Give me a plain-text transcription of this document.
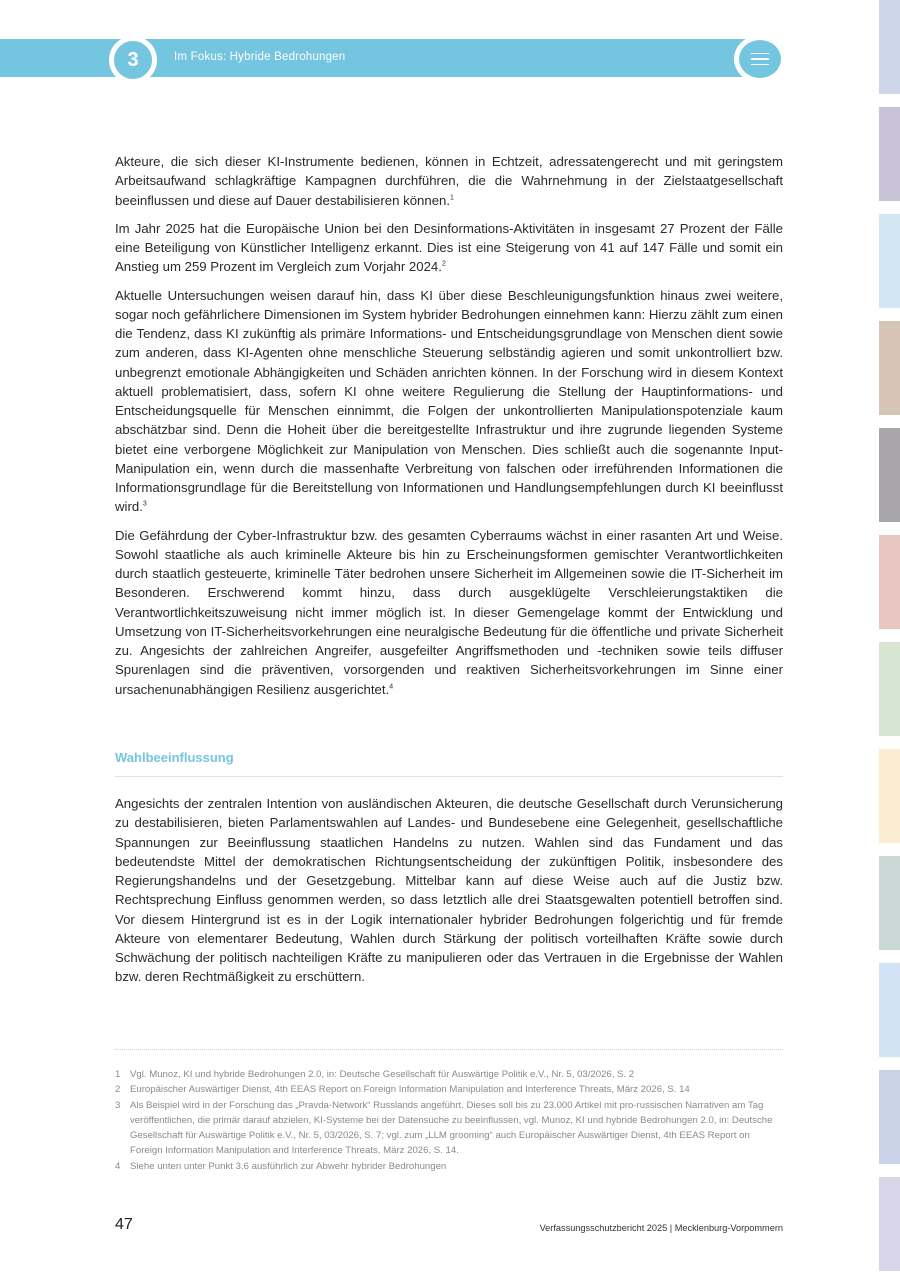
3	Im Fokus: Hybride Bedrohungen

Akteure, die sich dieser KI-Instrumente bedienen, können in Echtzeit, adressatengerecht und mit geringstem Arbeitsaufwand schlagkräftige Kampagnen durchführen, die die Wahrnehmung in der Zielstaatgesellschaft beeinflussen und diese auf Dauer destabilisieren können.$^1$

Im Jahr 2025 hat die Europäische Union bei den Desinformations-Aktivitäten in insgesamt 27 Prozent der Fälle eine Beteiligung von Künstlicher Intelligenz erkannt. Dies ist eine Steigerung von 41 auf 147 Fälle und somit ein Anstieg um 259 Prozent im Vergleich zum Vorjahr 2024.$^2$

Aktuelle Untersuchungen weisen darauf hin, dass KI über diese Beschleunigungsfunktion hinaus zwei weitere, sogar noch gefährlichere Dimensionen im System hybrider Bedrohungen einnehmen kann: Hierzu zählt zum einen die Tendenz, dass KI zukünftig als primäre Informations- und Entscheidungsgrundlage von Menschen dient sowie zum anderen, dass KI-Agenten ohne menschliche Steuerung selbständig agieren und somit unkontrolliert bzw. unbegrenzt emotionale Abhängigkeiten und Schäden anrichten können. In der Forschung wird in diesem Kontext aktuell problematisiert, dass, sofern KI ohne weitere Regulierung die Stellung der Hauptinformations- und Entscheidungsquelle für Menschen einnimmt, die Folgen der unkontrollierten Manipulationspotenziale kaum abschätzbar sind. Denn die Hoheit über die bereitgestellte Infrastruktur und ihre zugrunde liegenden Systeme bietet eine verborgene Möglichkeit zur Manipulation von Menschen. Dies schließt auch die sogenannte Input-Manipulation ein, wenn durch die massenhafte Verbreitung von falschen oder irreführenden Informationen die Informationsgrundlage für die Bereitstellung von Informationen und Handlungsempfehlungen durch KI beeinflusst wird.$^3$

Die Gefährdung der Cyber-Infrastruktur bzw. des gesamten Cyberraums wächst in einer rasanten Art und Weise. Sowohl staatliche als auch kriminelle Akteure bis hin zu Erscheinungsformen gemischter Verantwortlichkeiten durch staatlich gesteuerte, kriminelle Täter bedrohen unsere Sicherheit im Allgemeinen sowie die IT-Sicherheit im Besonderen. Erschwerend kommt hinzu, dass durch ausgeklügelte Verschleierungstaktiken die Verantwortlichkeitszuweisung nicht immer möglich ist. In dieser Gemengelage kommt der Entwicklung und Umsetzung von IT-Sicherheitsvorkehrungen eine neuralgische Bedeutung für die öffentliche und private Sicherheit zu. Angesichts der zahlreichen Angreifer, ausgefeilter Angriffsmethoden und -techniken sowie teils diffuser Spurenlagen sind die präventiven, vorsorgenden und reaktiven Sicherheitsvorkehrungen im Sinne einer ursachenunabhängigen Resilienz ausgerichtet.$^4$

Wahlbeeinflussung

Angesichts der zentralen Intention von ausländischen Akteuren, die deutsche Gesellschaft durch Verunsicherung zu destabilisieren, bieten Parlamentswahlen auf Landes- und Bundesebene eine Gelegenheit, gesellschaftliche Spannungen zur Beeinflussung staatlichen Handelns zu nutzen. Wahlen sind das Fundament und das bedeutendste Mittel der demokratischen Richtungsentscheidung der zukünftigen Politik, insbesondere des Regierungshandelns und der Gesetzgebung. Mittelbar kann auf diese Weise auch auf die Justiz bzw. Rechtsprechung Einfluss genommen werden, so dass letztlich alle drei Staatsgewalten potentiell betroffen sind. Vor diesem Hintergrund ist es in der Logik internationaler hybrider Bedrohungen folgerichtig und für fremde Akteure von elementarer Bedeutung, Wahlen durch Stärkung der politisch vorteilhaften Kräfte sowie durch Schwächung der politisch nachteiligen Kräfte zu manipulieren oder das Vertrauen in die Ergebnisse der Wahlen bzw. deren Rechtmäßigkeit zu erschüttern.

1	Vgl. Munoz, KI und hybride Bedrohungen 2.0, in: Deutsche Gesellschaft für Auswärtige Politik e.V., Nr. 5, 03/2026, S. 2
2	Europäischer Auswärtiger Dienst, 4th EEAS Report on Foreign Information Manipulation and Interference Threats, März 2026, S. 14
3	Als Beispiel wird in der Forschung das „Pravda-Network“ Russlands angeführt. Dieses soll bis zu 23.000 Artikel mit pro-russischen Narrativen am Tag veröffentlichen, die primär darauf abzielen, KI-Systeme bei der Datensuche zu beeinflussen, vgl. Munoz, KI und hybride Bedrohungen 2.0, in: Deutsche Gesellschaft für Auswärtige Politik e.V., Nr. 5, 03/2026, S. 7; vgl. zum „LLM grooming“ auch Europäischer Auswärtiger Dienst, 4th EEAS Report on Foreign Information Manipulation and Interference Threats, März 2026, S. 14.
4	Siehe unten unter Punkt 3.6 ausführlich zur Abwehr hybrider Bedrohungen
47	Verfassungsschutzbericht 2025 | Mecklenburg-Vorpommern
